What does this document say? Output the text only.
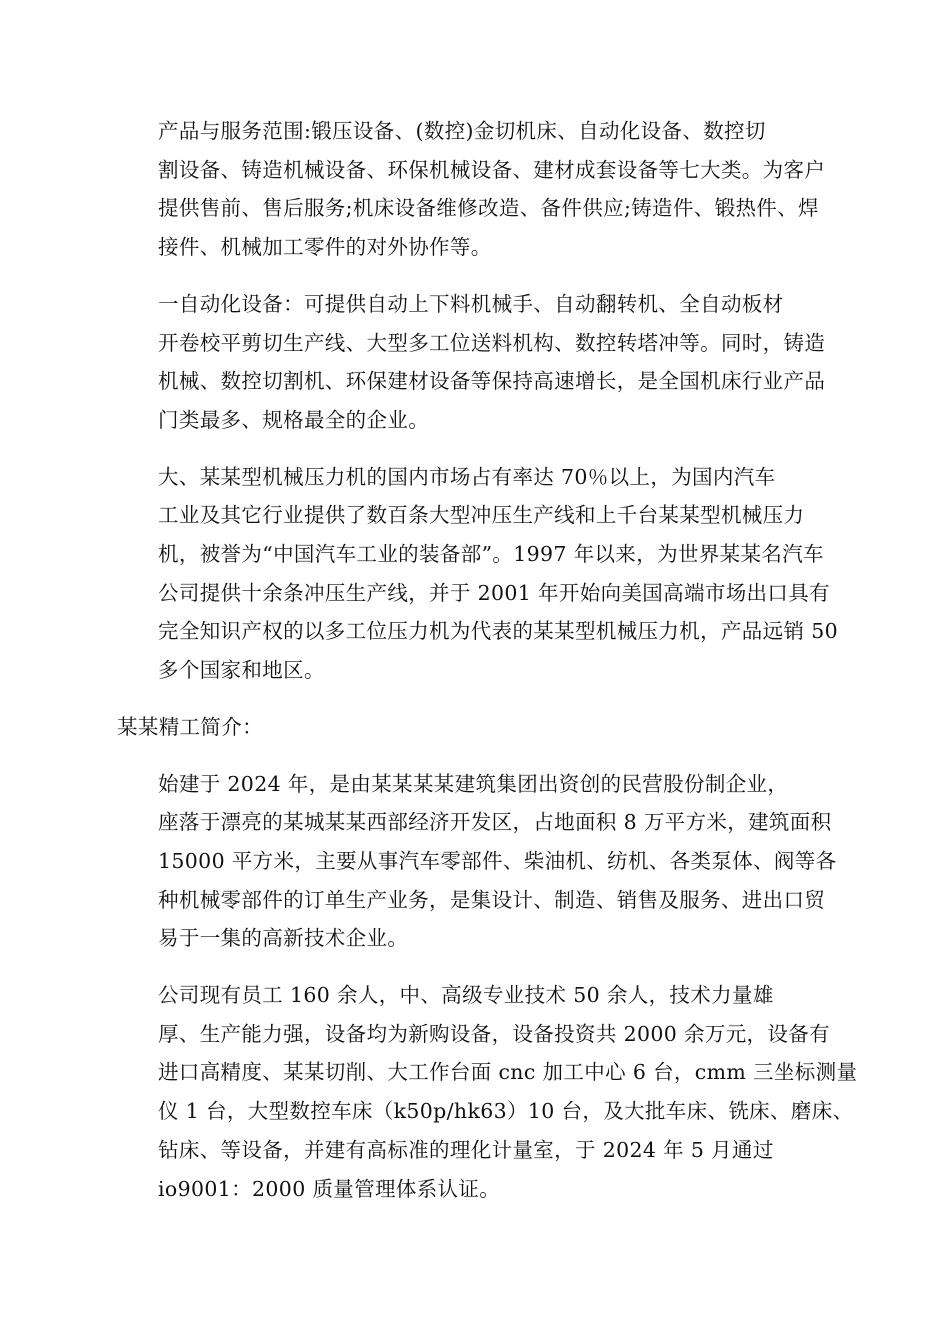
产品与服务范围:锻压设备、(数控)金切机床、自动化设备、数控切
割设备、铸造机械设备、环保机械设备、建材成套设备等七大类。为客户
提供售前、售后服务;机床设备维修改造、备件供应;铸造件、锻热件、焊
接件、机械加工零件的对外协作等。

一自动化设备：可提供自动上下料机械手、自动翻转机、全自动板材
开卷校平剪切生产线、大型多工位送料机构、数控转塔冲等。同时，铸造
机械、数控切割机、环保建材设备等保持高速增长，是全国机床行业产品
门类最多、规格最全的企业。

大、某某型机械压力机的国内市场占有率达 70％以上，为国内汽车
工业及其它行业提供了数百条大型冲压生产线和上千台某某型机械压力
机，被誉为“中国汽车工业的装备部”。1997 年以来，为世界某某名汽车
公司提供十余条冲压生产线，并于 2001 年开始向美国高端市场出口具有
完全知识产权的以多工位压力机为代表的某某型机械压力机，产品远销 50
多个国家和地区。

某某精工简介：

始建于 2024 年，是由某某某某建筑集团出资创的民营股份制企业，
座落于漂亮的某城某某西部经济开发区，占地面积 8 万平方米，建筑面积
15000 平方米，主要从事汽车零部件、柴油机、纺机、各类泵体、阀等各
种机械零部件的订单生产业务，是集设计、制造、销售及服务、进出口贸
易于一集的高新技术企业。

公司现有员工 160 余人，中、高级专业技术 50 余人，技术力量雄
厚、生产能力强，设备均为新购设备，设备投资共 2000 余万元，设备有
进口高精度、某某切削、大工作台面 cnc 加工中心 6 台，cmm 三坐标测量
仪 1 台，大型数控车床（k50p/hk63）10 台，及大批车床、铣床、磨床、
钻床、等设备，并建有高标准的理化计量室，于 2024 年 5 月通过
io9001：2000 质量管理体系认证。
